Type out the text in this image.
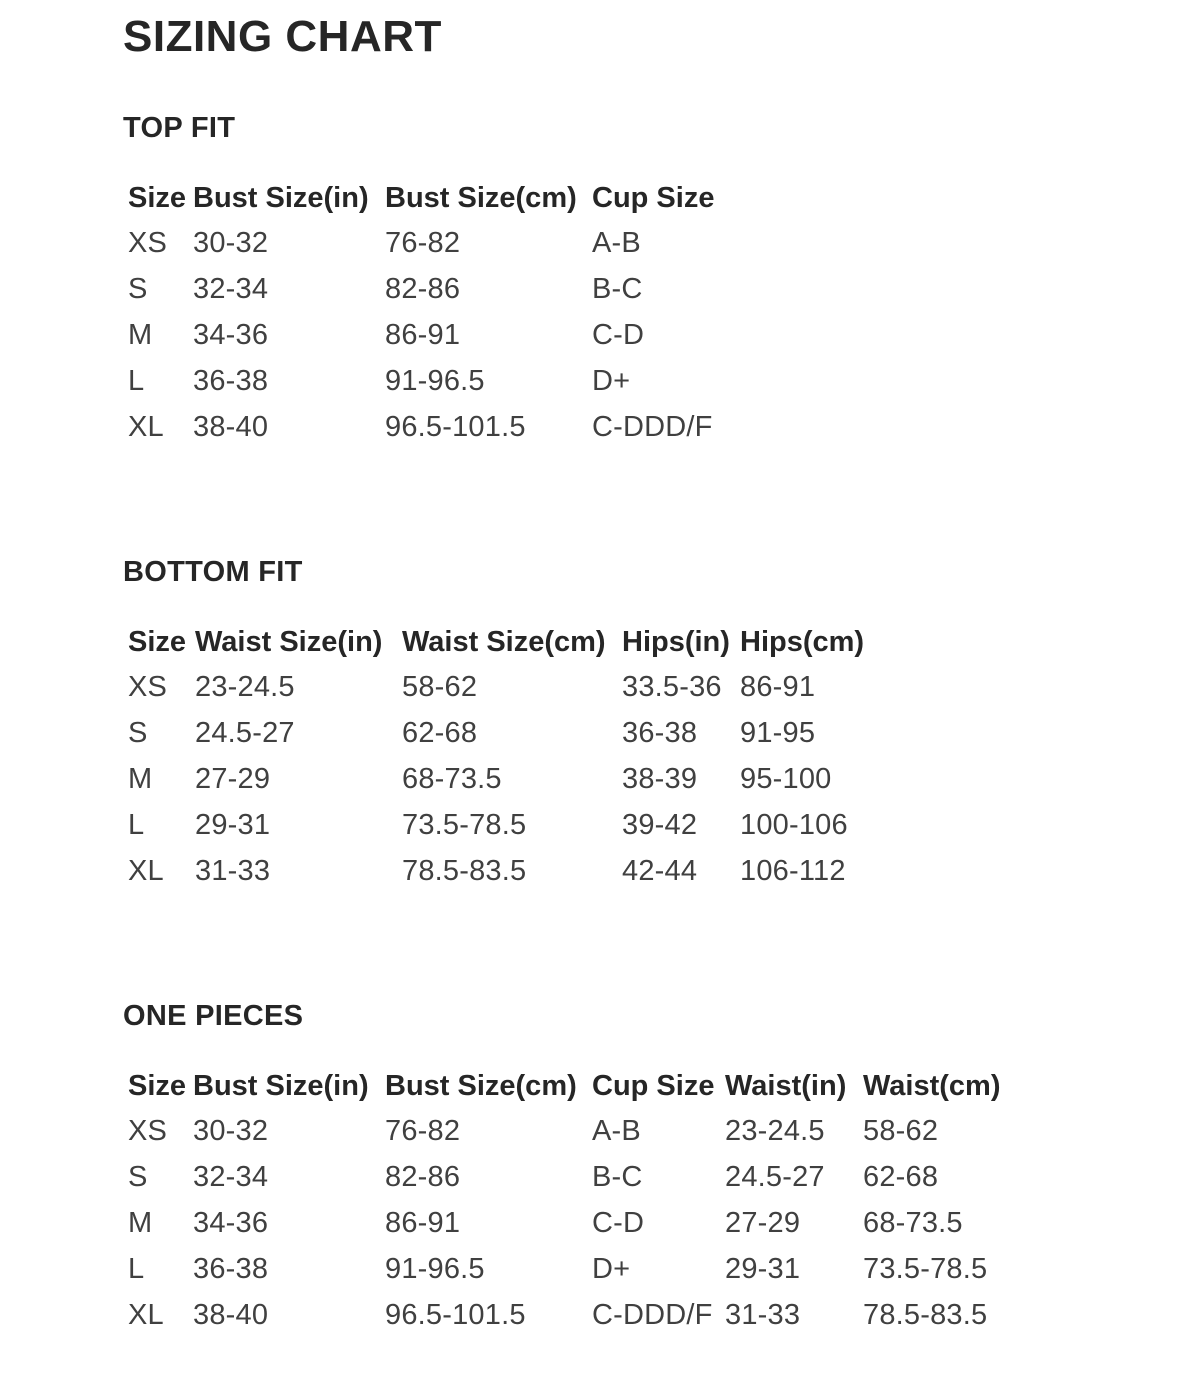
SIZING CHART
TOP FIT
Size	Bust Size(in)	Bust Size(cm)	Cup Size
XS	30-32	76-82	A-B
S	32-34	82-86	B-C
M	34-36	86-91	C-D
L	36-38	91-96.5	D+
XL	38-40	96.5-101.5	C-DDD/F
BOTTOM FIT
Size	Waist Size(in)	Waist Size(cm)	Hips(in)	Hips(cm)
XS	23-24.5	58-62	33.5-36	86-91
S	24.5-27	62-68	36-38	91-95
M	27-29	68-73.5	38-39	95-100
L	29-31	73.5-78.5	39-42	100-106
XL	31-33	78.5-83.5	42-44	106-112
ONE PIECES
Size	Bust Size(in)	Bust Size(cm)	Cup Size	Waist(in)	Waist(cm)
XS	30-32	76-82	A-B	23-24.5	58-62
S	32-34	82-86	B-C	24.5-27	62-68
M	34-36	86-91	C-D	27-29	68-73.5
L	36-38	91-96.5	D+	29-31	73.5-78.5
XL	38-40	96.5-101.5	C-DDD/F	31-33	78.5-83.5
